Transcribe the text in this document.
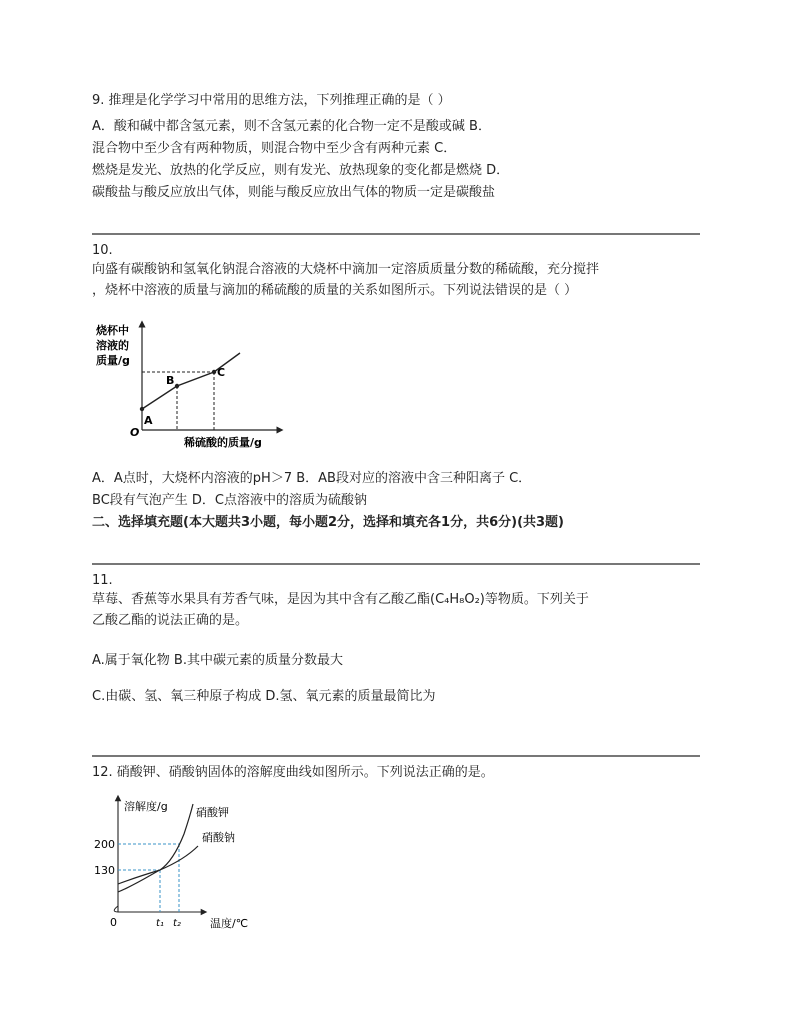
9. 推理是化学学习中常用的思维方法，下列推理正确的是（ ）
A．酸和碱中都含氢元素，则不含氢元素的化合物一定不是酸或碱 B．
混合物中至少含有两种物质，则混合物中至少含有两种元素 C．
燃烧是发光、放热的化学反应，则有发光、放热现象的变化都是燃烧 D．
碳酸盐与酸反应放出气体，则能与酸反应放出气体的物质一定是碳酸盐
10.
向盛有碳酸钠和氢氧化钠混合溶液的大烧杯中滴加一定溶质质量分数的稀硫酸，充分搅拌
，烧杯中溶液的质量与滴加的稀硫酸的质量的关系如图所示。下列说法错误的是（ ）
烧杯中
溶液的
质量/g
O
稀硫酸的质量/g
A
B
C
A．A点时，大烧杯内溶液的pH＞7 B．AB段对应的溶液中含三种阳离子 C．
BC段有气泡产生 D．C点溶液中的溶质为硫酸钠
二、选择填充题(本大题共3小题，每小题2分，选择和填充各1分，共6分)(共3题)
11.
草莓、香蕉等水果具有芳香气味，是因为其中含有乙酸乙酯(C₄H₈O₂)等物质。下列关于
乙酸乙酯的说法正确的是。
A.属于氧化物 B.其中碳元素的质量分数最大
C.由碳、氢、氧三种原子构成 D.氢、氧元素的质量最简比为
12. 硝酸钾、硝酸钠固体的溶解度曲线如图所示。下列说法正确的是。
溶解度/g
温度/℃
0
200
130
t₁ t₂
硝酸钾
硝酸钠
